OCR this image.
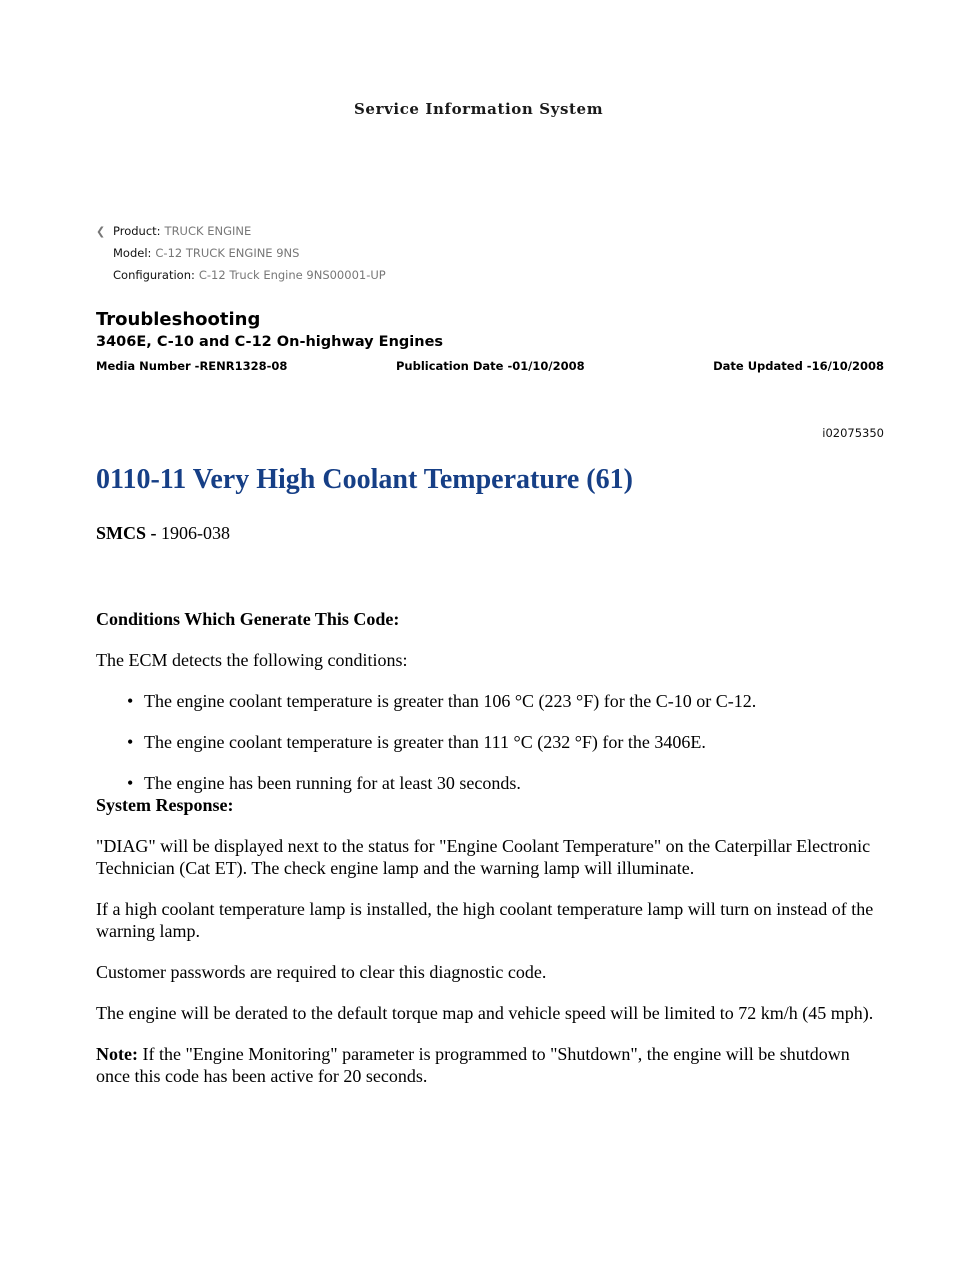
Service Information System
❮ Product: TRUCK ENGINE
Model: C-12 TRUCK ENGINE 9NS
Configuration: C-12 Truck Engine 9NS00001-UP
Troubleshooting
3406E, C-10 and C-12 On-highway Engines
Media Number -RENR1328-08	Publication Date -01/10/2008	Date Updated -16/10/2008
i02075350
0110-11 Very High Coolant Temperature (61)
SMCS - 1906-038
Conditions Which Generate This Code:

The ECM detects the following conditions:

• The engine coolant temperature is greater than 106 °C (223 °F) for the C-10 or C-12.
• The engine coolant temperature is greater than 111 °C (232 °F) for the 3406E.
• The engine has been running for at least 30 seconds.
System Response:

"DIAG" will be displayed next to the status for "Engine Coolant Temperature" on the Caterpillar Electronic Technician (Cat ET). The check engine lamp and the warning lamp will illuminate.

If a high coolant temperature lamp is installed, the high coolant temperature lamp will turn on instead of the warning lamp.

Customer passwords are required to clear this diagnostic code.

The engine will be derated to the default torque map and vehicle speed will be limited to 72 km/h (45 mph).

Note: If the "Engine Monitoring" parameter is programmed to "Shutdown", the engine will be shutdown once this code has been active for 20 seconds.
